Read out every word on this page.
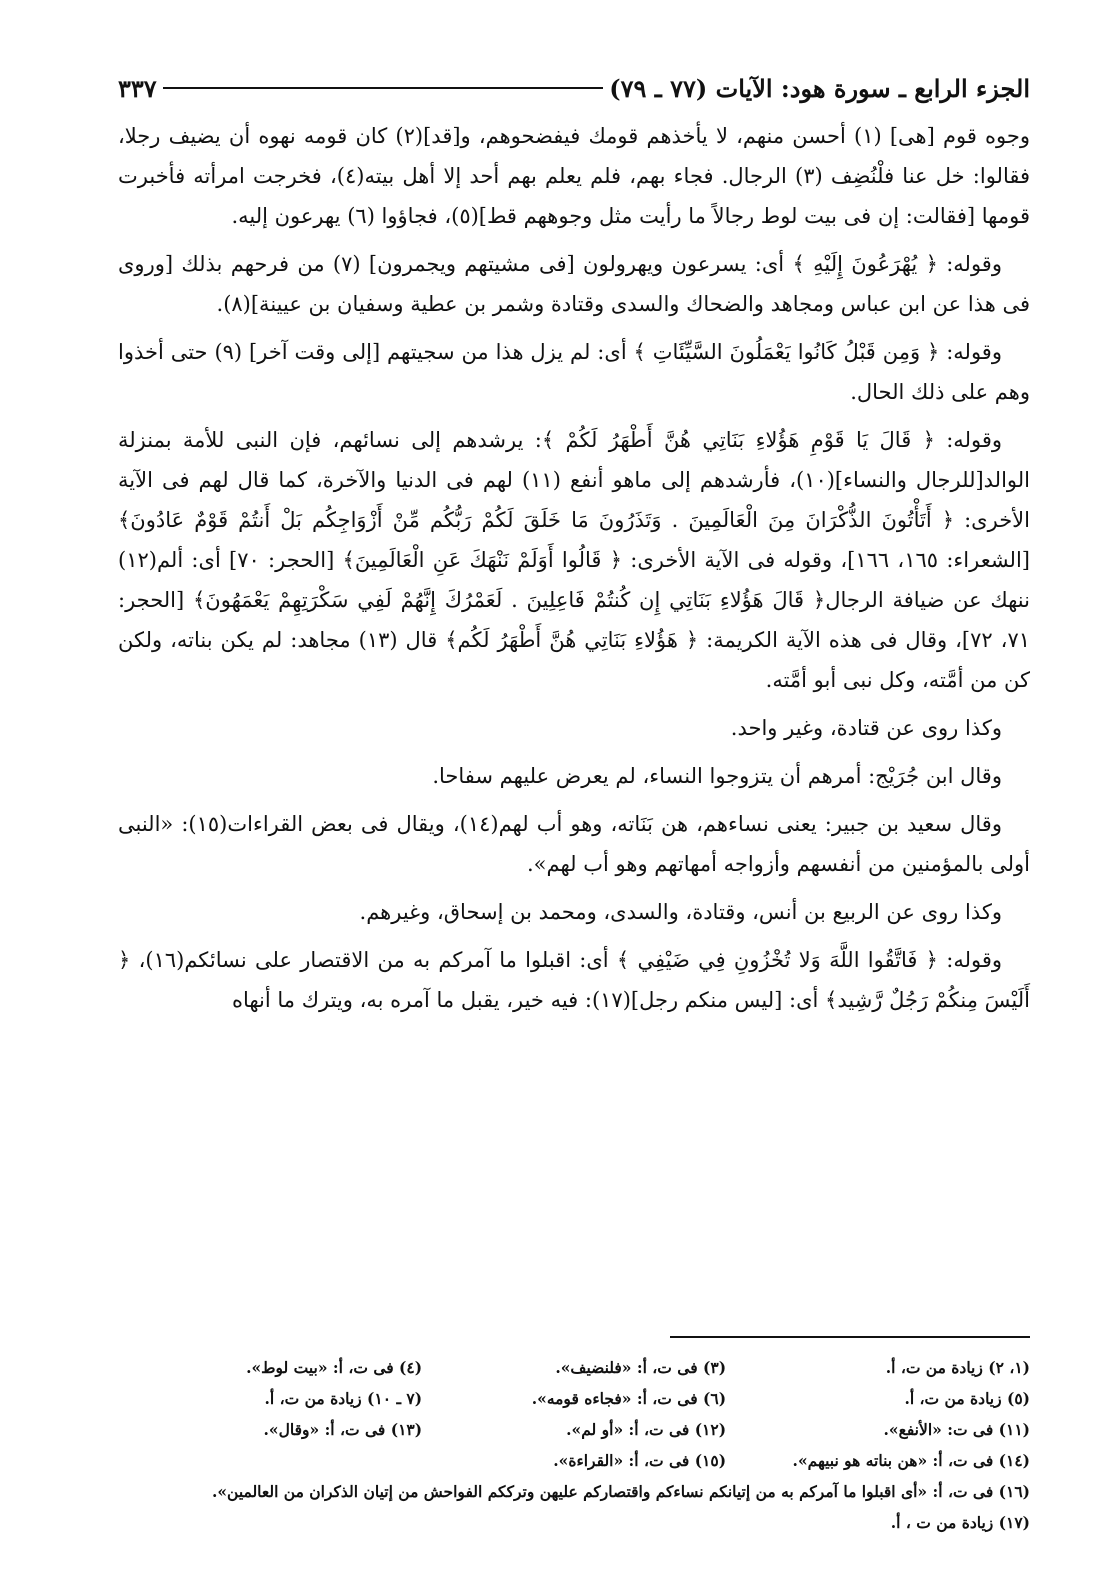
الجزء الرابع ـ سورة هود: الآيات (٧٧ ـ ٧٩)
٣٣٧

وجوه قوم [هى] (١) أحسن منهم، لا يأخذهم قومك فيفضحوهم، و[قد](٢) كان قومه نهوه أن يضيف رجلا، فقالوا: خل عنا فلْنُضِف (٣) الرجال. فجاء بهم، فلم يعلم بهم أحد إلا أهل بيته(٤)، فخرجت امرأته فأخبرت قومها [فقالت: إن فى بيت لوط رجالاً ما رأيت مثل وجوههم قط](٥)، فجاؤوا (٦) يهرعون إليه.

وقوله: ﴿ يُهْرَعُونَ إِلَيْهِ ﴾ أى: يسرعون ويهرولون [فى مشيتهم ويجمرون] (٧) من فرحهم بذلك [وروى فى هذا عن ابن عباس ومجاهد والضحاك والسدى وقتادة وشمر بن عطية وسفيان بن عيينة](٨).

وقوله: ﴿ وَمِن قَبْلُ كَانُوا يَعْمَلُونَ السَّيِّئَاتِ ﴾ أى: لم يزل هذا من سجيتهم [إلى وقت آخر] (٩) حتى أخذوا وهم على ذلك الحال.

وقوله: ﴿ قَالَ يَا قَوْمِ هَؤُلاءِ بَنَاتِي هُنَّ أَطْهَرُ لَكُمْ ﴾: يرشدهم إلى نسائهم، فإن النبى للأمة بمنزلة الوالد[للرجال والنساء](١٠)، فأرشدهم إلى ماهو أنفع (١١) لهم فى الدنيا والآخرة، كما قال لهم فى الآية الأخرى: ﴿ أَتَأْتُونَ الذُّكْرَانَ مِنَ الْعَالَمِينَ . وَتَذَرُونَ مَا خَلَقَ لَكُمْ رَبُّكُم مِّنْ أَزْوَاجِكُم بَلْ أَنتُمْ قَوْمٌ عَادُونَ﴾ [الشعراء: ١٦٥، ١٦٦]، وقوله فى الآية الأخرى: ﴿ قَالُوا أَوَلَمْ نَنْهَكَ عَنِ الْعَالَمِينَ﴾ [الحجر: ٧٠] أى: ألم(١٢) ننهك عن ضيافة الرجال﴿ قَالَ هَؤُلاءِ بَنَاتِي إِن كُنتُمْ فَاعِلِينَ . لَعَمْرُكَ إِنَّهُمْ لَفِي سَكْرَتِهِمْ يَعْمَهُونَ﴾ [الحجر: ٧١، ٧٢]، وقال فى هذه الآية الكريمة: ﴿ هَؤُلاءِ بَنَاتِي هُنَّ أَطْهَرُ لَكُم﴾ قال (١٣) مجاهد: لم يكن بناته، ولكن كن من أمَّته، وكل نبى أبو أمَّته.

وكذا روى عن قتادة، وغير واحد.

وقال ابن جُرَيْج: أمرهم أن يتزوجوا النساء، لم يعرض عليهم سفاحا.

وقال سعيد بن جبير: يعنى نساءهم، هن بَنَاته، وهو أب لهم(١٤)، ويقال فى بعض القراءات(١٥): «النبى أولى بالمؤمنين من أنفسهم وأزواجه أمهاتهم وهو أب لهم».

وكذا روى عن الربيع بن أنس، وقتادة، والسدى، ومحمد بن إسحاق، وغيرهم.

وقوله: ﴿ فَاتَّقُوا اللَّهَ وَلا تُخْزُونِ فِي ضَيْفِي ﴾ أى: اقبلوا ما آمركم به من الاقتصار على نسائكم(١٦)، ﴿ أَلَيْسَ مِنكُمْ رَجُلٌ رَّشِيد﴾ أى: [ليس منكم رجل](١٧): فيه خير، يقبل ما آمره به، ويترك ما أنهاه

(١، ٢) زيادة من ت، أ.
(٣) فى ت، أ: «فلنضيف».
(٤) فى ت، أ: «بيت لوط».
(٥) زيادة من ت، أ.
(٦) فى ت، أ: «فجاءه قومه».
(٧ ـ ١٠) زيادة من ت، أ.
(١١) فى ت: «الأنفع».
(١٢) فى ت، أ: «أو لم».
(١٣) فى ت، أ: «وقال».
(١٤) فى ت، أ: «هن بناته هو نبيهم».
(١٥) فى ت، أ: «القراءة».
(١٦) فى ت، أ: «أى اقبلوا ما آمركم به من إتيانكم نساءكم واقتصاركم عليهن وترككم الفواحش من إتيان الذكران من العالمين».
(١٧) زيادة من ت ، أ.
